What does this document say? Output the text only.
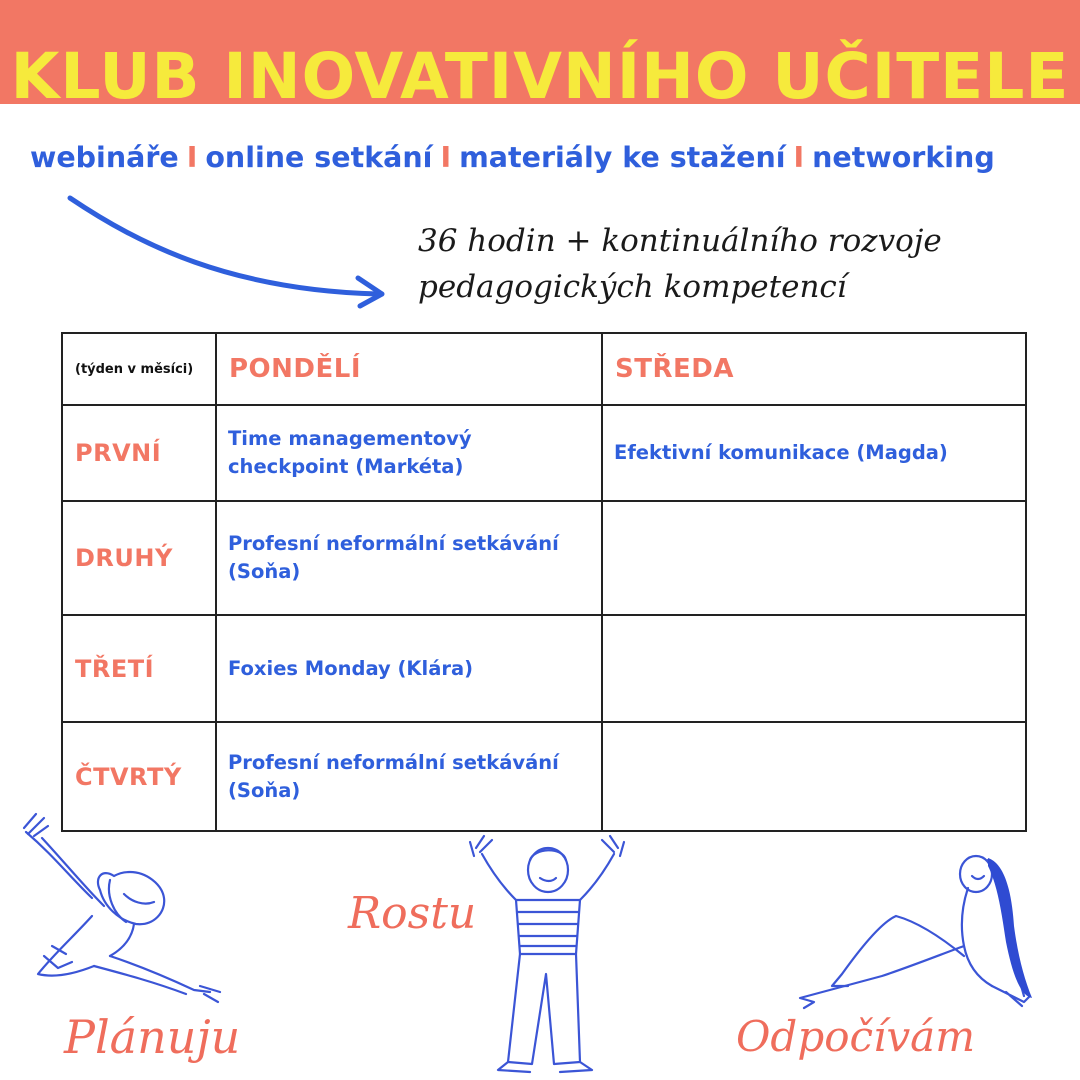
KLUB INOVATIVNÍHO UČITELE
webináře I online setkání I materiály ke stažení I networking
36 hodin + kontinuálního rozvoje
pedagogických kompetencí
(týden v měsíci)	PONDĚLÍ	STŘEDA
PRVNÍ	Time managementový checkpoint (Markéta)	Efektivní komunikace (Magda)
DRUHÝ	Profesní neformální setkávání (Soňa)	
TŘETÍ	Foxies Monday (Klára)	
ČTVRTÝ	Profesní neformální setkávání (Soňa)	
Rostu
Plánuju	Odpočívám
